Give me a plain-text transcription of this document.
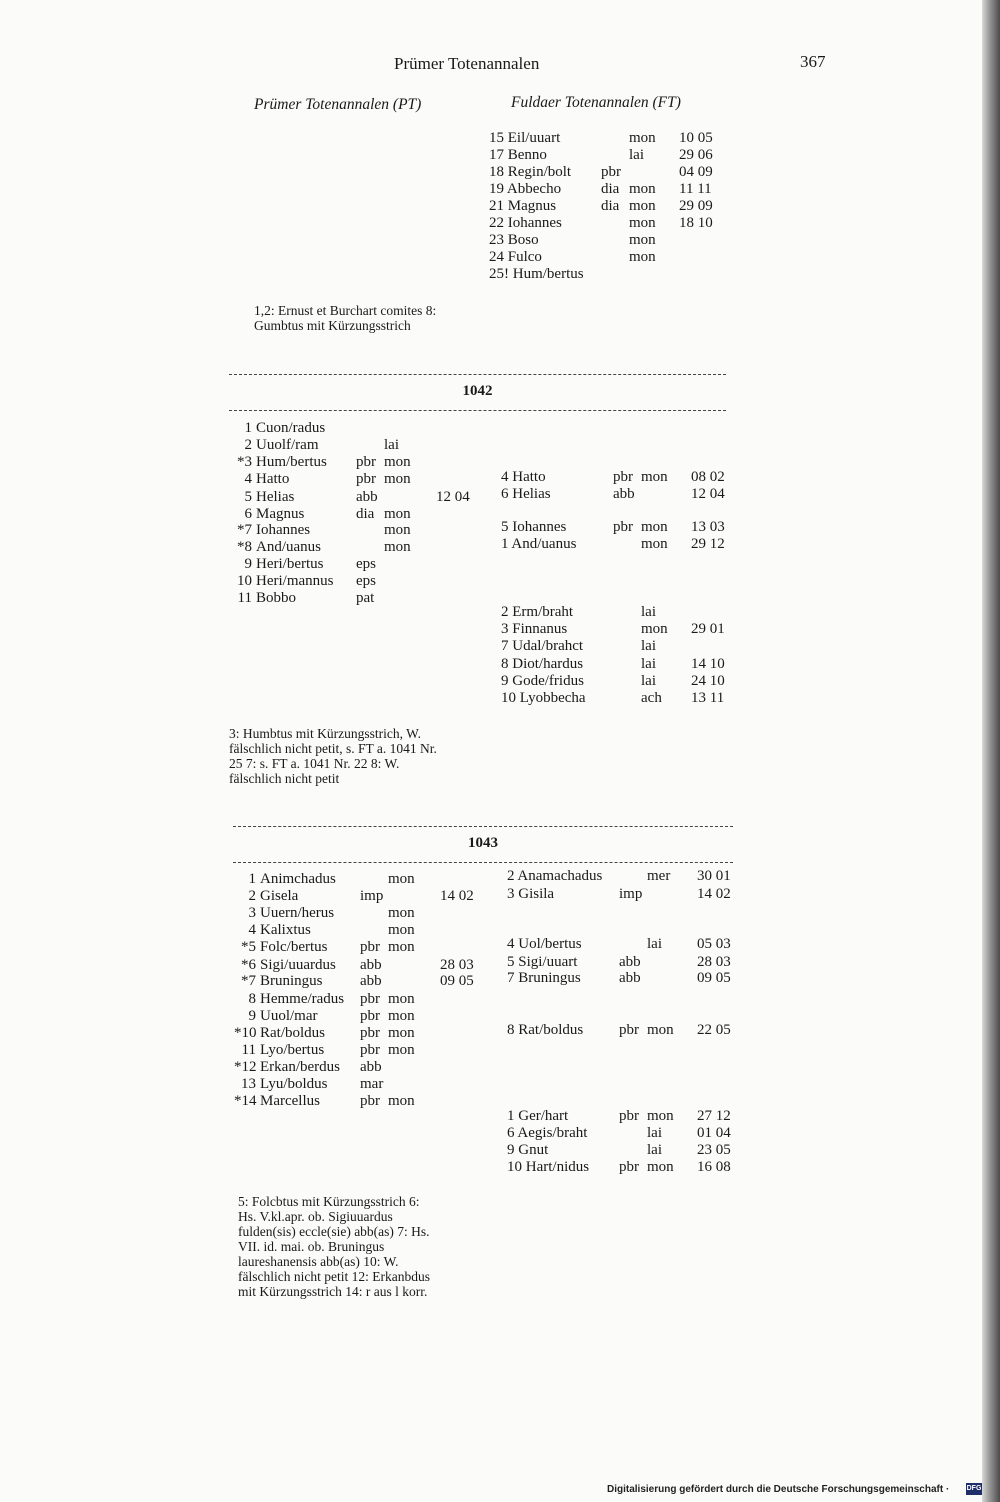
Prümer Totenannalen	367
Prümer Totenannalen (PT)	Fuldaer Totenannalen (FT)
15 Eil/uuart	mon 10 05
17 Benno	lai 29 06
18 Regin/bolt pbr	04 09
19 Abbecho	dia mon 11 11
21 Magnus	dia mon 29 09
22 Iohannes	mon 18 10
23 Boso	mon
24 Fulco	mon
25! Hum/bertus

1,2: Ernust et Burchart comites 8:

Gumbtus mit Kürzungsstrich

1042
1 Cuon/radus
2 Uuolf/ram	lai
*3 Hum/bertus pbr mon
4 Hatto	pbr mon
5 Helias	abb	12 04
6 Magnus	dia mon
*7 Iohannes	mon
*8 And/uanus	mon
9 Heri/bertus eps
10 Heri/mannus eps
11 Bobbo	pat
4 Hatto	pbr mon 08 02
6 Helias	abb	12 04
5 Iohannes	pbr mon 13 03
1 And/uanus	mon 29 12
2 Erm/braht	lai
3 Finnanus	mon 29 01
7 Udal/brahct	lai
8 Diot/hardus	lai 14 10
9 Gode/fridus	lai 24 10
10 Lyobbecha	ach 13 11

3: Humbtus mit Kürzungsstrich, W.

fälschlich nicht petit, s. FT a. 1041 Nr.

25 7: s. FT a. 1041 Nr. 22 8: W.

fälschlich nicht petit

1043
1 Animchadus	mon
2 Gisela	imp	14 02
3 Uuern/herus	mon
4 Kalixtus	mon
*5 Folc/bertus pbr mon
*6 Sigi/uuardus abb	28 03
*7 Bruningus abb	09 05
8 Hemme/radus pbr mon
9 Uuol/mar	pbr mon
*10 Rat/boldus pbr mon
11 Lyo/bertus pbr mon
*12 Erkan/berdus abb
13 Lyu/boldus mar
*14 Marcellus	pbr mon
2 Anamachadus	mer 30 01
3 Gisila	imp	14 02
4 Uol/bertus	lai 05 03
5 Sigi/uuart	abb	28 03
7 Bruningus	abb	09 05
8 Rat/boldus pbr mon 22 05
1 Ger/hart	pbr mon 27 12
6 Aegis/braht	lai 01 04
9 Gnut	lai 23 05
10 Hart/nidus pbr mon 16 08

5: Folcbtus mit Kürzungsstrich 6:

Hs. V.kl.apr. ob. Sigiuuardus

fulden(sis) eccle(sie) abb(as) 7: Hs.

VII. id. mai. ob. Bruningus

laureshanensis abb(as) 10: W.

fälschlich nicht petit 12: Erkanbdus

mit Kürzungsstrich 14: r aus l korr.

Digitalisierung gefördert durch die Deutsche Forschungsgemeinschaft · DFG
